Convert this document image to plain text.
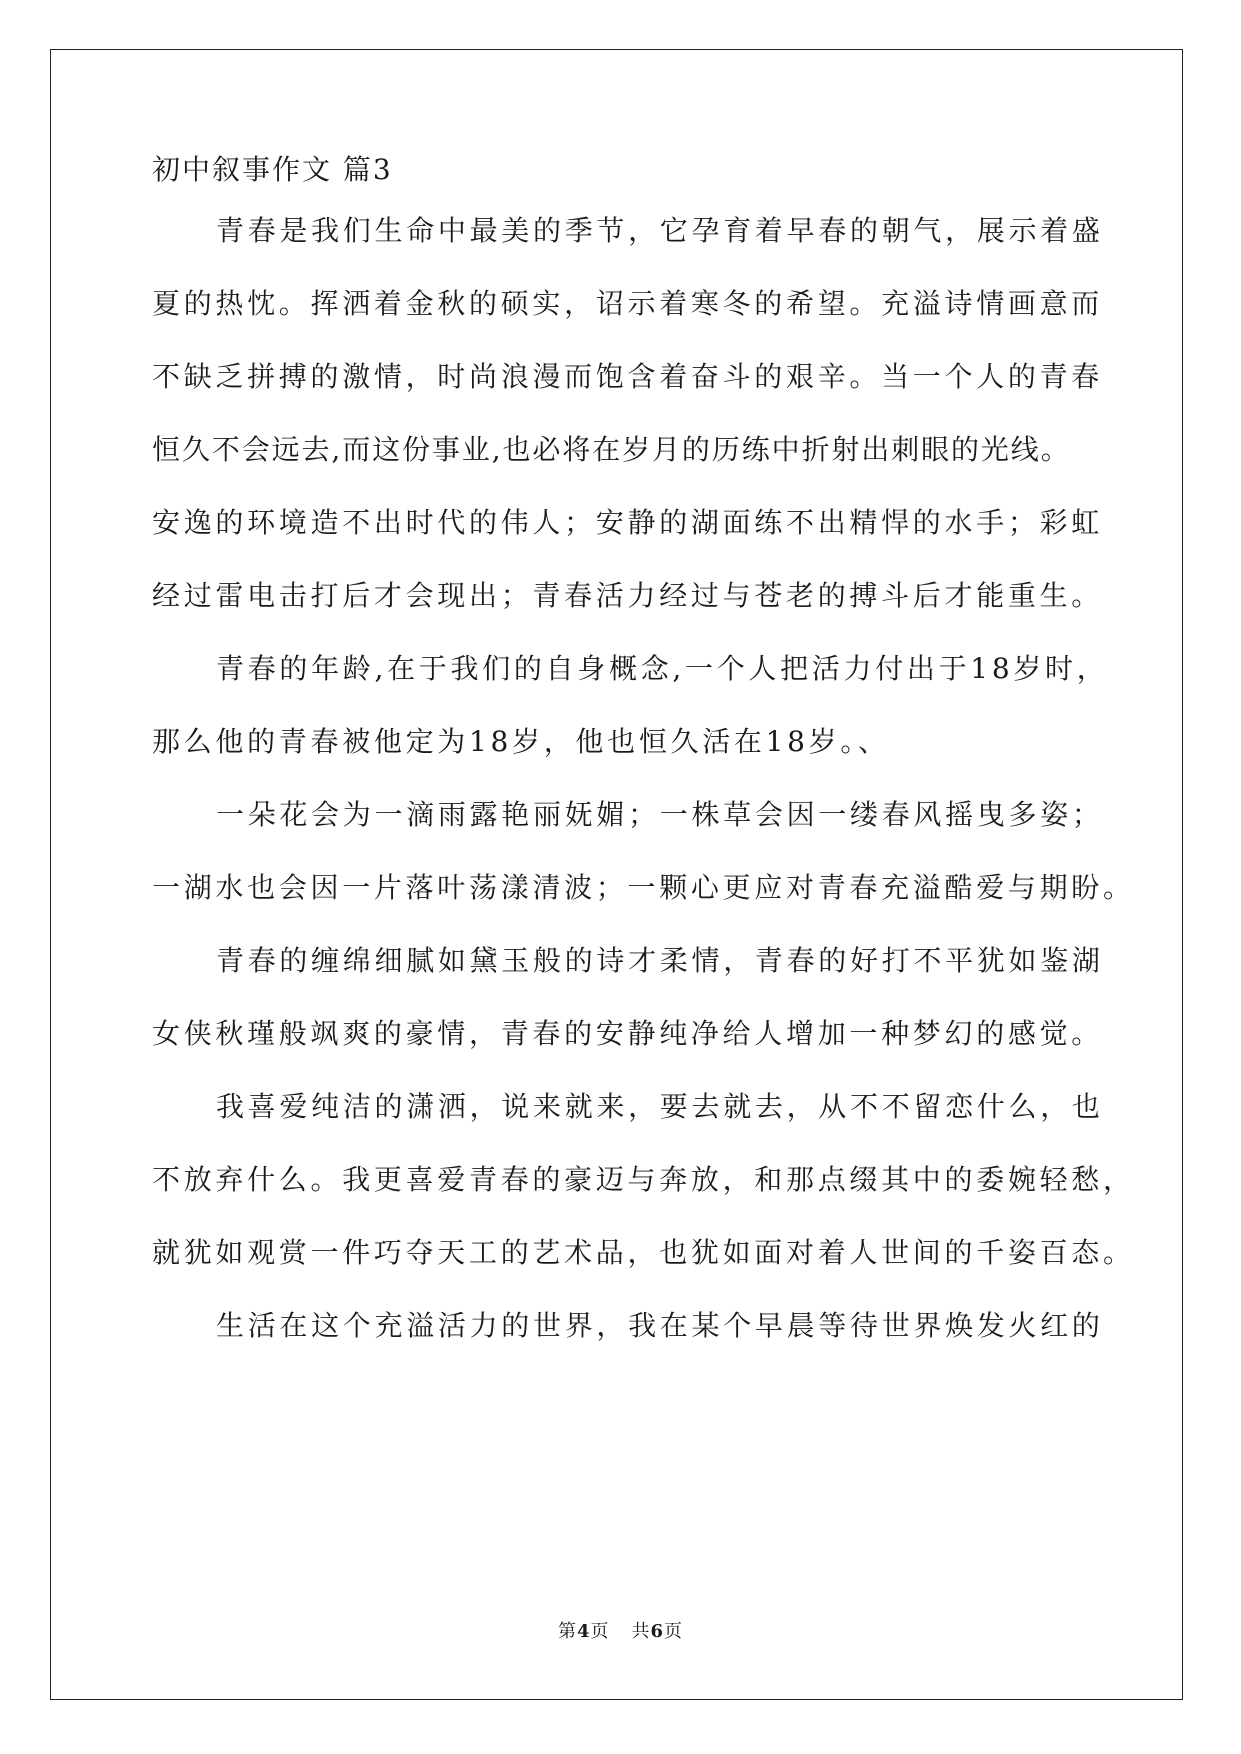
初中叙事作文 篇3
青春是我们生命中最美的季节，它孕育着早春的朝气，展示着盛
夏的热忱。挥洒着金秋的硕实，诏示着寒冬的希望。充溢诗情画意而
不缺乏拼搏的激情，时尚浪漫而饱含着奋斗的艰辛。当一个人的青春
恒久不会远去,而这份事业,也必将在岁月的历练中折射出刺眼的光线。
安逸的环境造不出时代的伟人；安静的湖面练不出精悍的水手；彩虹
经过雷电击打后才会现出；青春活力经过与苍老的搏斗后才能重生。
青春的年龄,在于我们的自身概念,一个人把活力付出于18岁时，
那么他的青春被他定为18岁，他也恒久活在18岁。、
一朵花会为一滴雨露艳丽妩媚；一株草会因一缕春风摇曳多姿；
一湖水也会因一片落叶荡漾清波；一颗心更应对青春充溢酷爱与期盼。
青春的缠绵细腻如黛玉般的诗才柔情，青春的好打不平犹如鉴湖
女侠秋瑾般飒爽的豪情，青春的安静纯净给人增加一种梦幻的感觉。
我喜爱纯洁的潇洒，说来就来，要去就去，从不不留恋什么，也
不放弃什么。我更喜爱青春的豪迈与奔放，和那点缀其中的委婉轻愁，
就犹如观赏一件巧夺天工的艺术品，也犹如面对着人世间的千姿百态。
生活在这个充溢活力的世界，我在某个早晨等待世界焕发火红的
第4页 共6页
